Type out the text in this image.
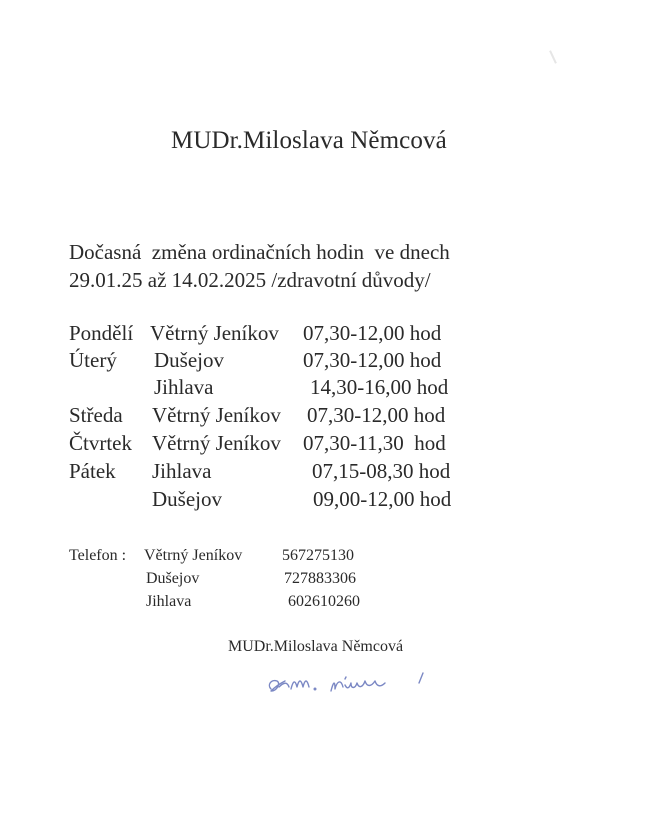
MUDr.Miloslava Němcová
Dočasná  změna ordinačních hodin  ve dnech
29.01.25 až 14.02.2025 /zdravotní důvody/
Pondělí Větrný Jeníkov 07,30-12,00 hod
Úterý Dušejov	07,30-12,00 hod
Jihlava	14,30-16,00 hod
Středa Větrný Jeníkov 07,30-12,00 hod
Čtvrtek Větrný Jeníkov 07,30-11,30  hod
Pátek Jihlava	07,15-08,30 hod
Dušejov	09,00-12,00 hod
Telefon : Větrný Jeníkov 567275130
Dušejov	727883306
Jihlava	602610260
MUDr.Miloslava Němcová
